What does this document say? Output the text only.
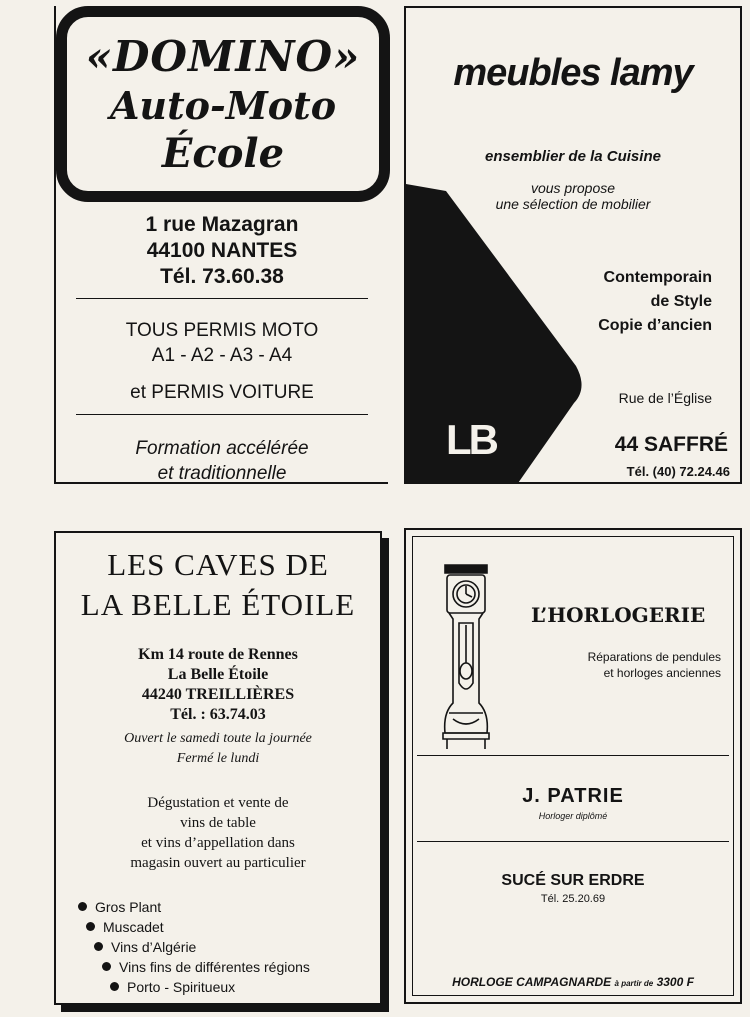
«DOMINO»
Auto-Moto
École
1 rue Mazagran
44100 NANTES
Tél. 73.60.38
TOUS PERMIS MOTO
A1 - A2 - A3 - A4
et PERMIS VOITURE
Formation accélérée
et traditionnelle
meubles lamy
ensemblier de la Cuisine
vous propose
une sélection de mobilier
LB
Contemporain
de Style
Copie d’ancien
Rue de l’Église
44 SAFFRÉ
Tél. (40) 72.24.46
LES CAVES DE
LA BELLE ÉTOILE
Km 14 route de Rennes
La Belle Étoile
44240 TREILLIÈRES
Tél. : 63.74.03
Ouvert le samedi toute la journée
Fermé le lundi
Dégustation et vente de
vins de table
et vins d’appellation dans
magasin ouvert au particulier
Gros Plant
Muscadet
Vins d’Algérie
Vins fins de différentes régions
Porto - Spiritueux
L’HORLOGERIE
Réparations de pendules
et horloges anciennes
J. PATRIE
Horloger diplômé
SUCÉ SUR ERDRE
Tél. 25.20.69
HORLOGE CAMPAGNARDE à partir de 3300 F
